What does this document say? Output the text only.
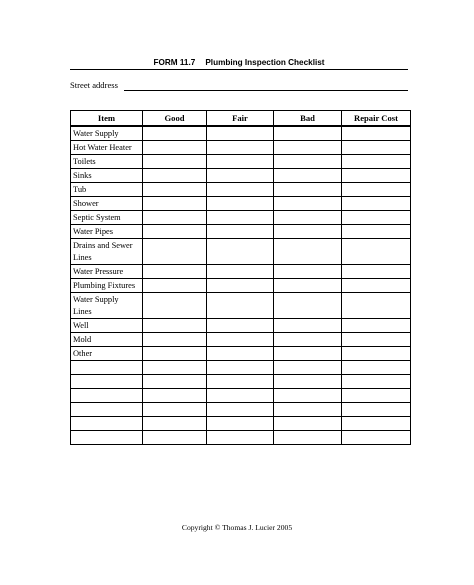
FORM 11.7 Plumbing Inspection Checklist
Street address
Item	Good	Fair	Bad	Repair Cost

Water Supply				

Hot Water Heater				

Toilets				

Sinks				

Tub				

Shower				

Septic System				

Water Pipes				

Drains and Sewer
Lines				

Water Pressure				

Plumbing Fixtures				

Water Supply
Lines				

Well				

Mold				

Other				

Copyright © Thomas J. Lucier 2005
